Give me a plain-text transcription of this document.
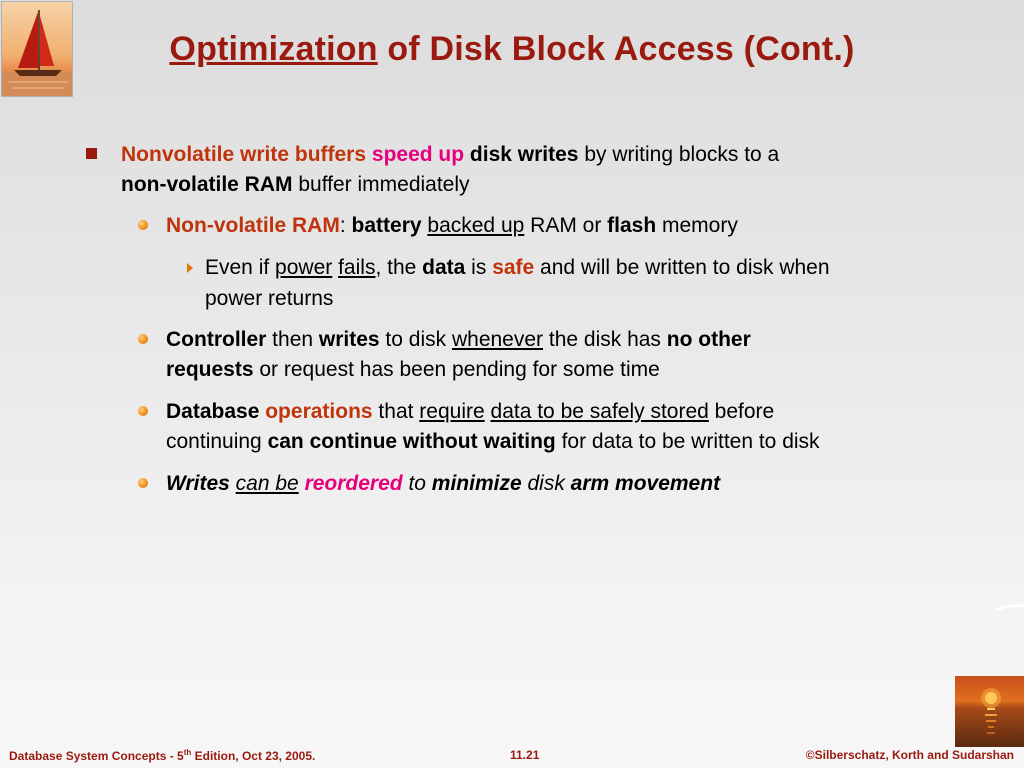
Optimization of Disk Block Access (Cont.)
Nonvolatile write buffers speed up disk writes by writing blocks to a
non-volatile RAM buffer immediately
Non-volatile RAM: battery backed up RAM or flash memory
Even if power fails, the data is safe and will be written to disk when
power returns
Controller then writes to disk whenever the disk has no other
requests or request has been pending for some time
Database operations that require data to be safely stored before
continuing can continue without waiting for data to be written to disk
Writes can be reordered to minimize disk arm movement
Database System Concepts - 5th Edition, Oct 23, 2005.	11.21	©Silberschatz, Korth and Sudarshan
